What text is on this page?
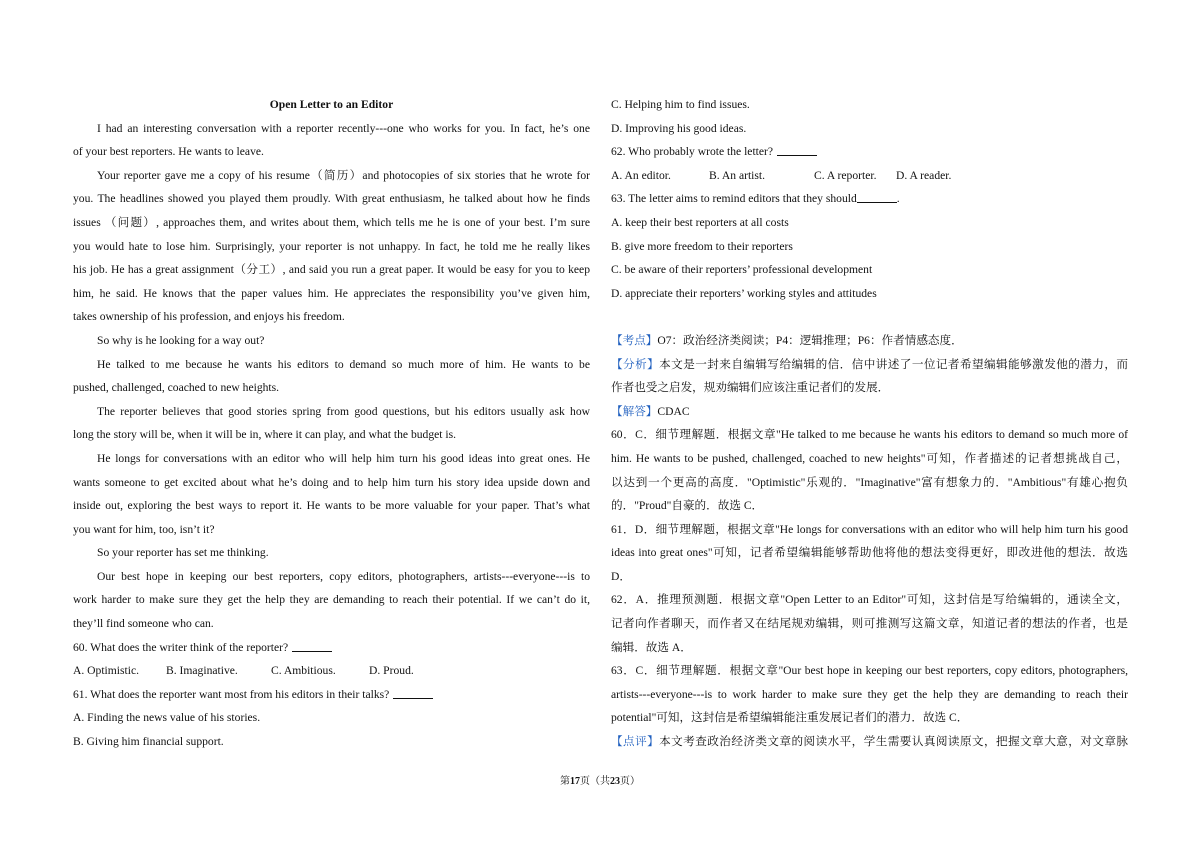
Open Letter to an Editor
I had an interesting conversation with a reporter recently---one who works for you. In fact, he’s one
of your best reporters. He wants to leave.
Your reporter gave me a copy of his resume（简历）and photocopies of six stories that he wrote for
you. The headlines showed you played them proudly. With great enthusiasm, he talked about how he finds
issues （问题）, approaches them, and writes about them, which tells me he is one of your best. I’m sure
you would hate to lose him. Surprisingly, your reporter is not unhappy. In fact, he told me he really likes
his job. He has a great assignment（分工）, and said you run a great paper. It would be easy for you to keep
him, he said. He knows that the paper values him. He appreciates the responsibility you’ve given him,
takes ownership of his profession, and enjoys his freedom.
So why is he looking for a way out?
He talked to me because he wants his editors to demand so much more of him. He wants to be
pushed, challenged, coached to new heights.
The reporter believes that good stories spring from good questions, but his editors usually ask how
long the story will be, when it will be in, where it can play, and what the budget is.
He longs for conversations with an editor who will help him turn his good ideas into great ones. He
wants someone to get excited about what he’s doing and to help him turn his story idea upside down and
inside out, exploring the best ways to report it. He wants to be more valuable for your paper. That’s what
you want for him, too, isn’t it?
So your reporter has set me thinking.
Our best hope in keeping our best reporters, copy editors, photographers, artists---everyone---is to
work harder to make sure they get the help they are demanding to reach their potential. If we can’t do it,
they’ll find someone who can.
60. What does the writer think of the reporter?
A. Optimistic.	B. Imaginative.	C. Ambitious.	D. Proud.
61. What does the reporter want most from his editors in their talks?
A. Finding the news value of his stories.
B. Giving him financial support.
C. Helping him to find issues.
D. Improving his good ideas.
62. Who probably wrote the letter?
A. An editor.	B. An artist.	C. A reporter.	D. A reader.
63. The letter aims to remind editors that they should	.
A. keep their best reporters at all costs
B. give more freedom to their reporters
C. be aware of their reporters’ professional development
D. appreciate their reporters’ working styles and attitudes
【考点】O7：政治经济类阅读；P4：逻辑推理；P6：作者情感态度．
【分析】本文是一封来自编辑写给编辑的信．信中讲述了一位记者希望编辑能够激发他的潜力，而
作者也受之启发，规劝编辑们应该注重记者们的发展．
【解答】CDAC
60．C．细节理解题．根据文章"He talked to me because he wants his editors to demand so much more of
him. He wants to be pushed, challenged, coached to new heights"可知，作者描述的记者想挑战自己，
以达到一个更高的高度．"Optimistic"乐观的．"Imaginative"富有想象力的．"Ambitious"有雄心抱负
的．"Proud"自豪的．故选 C．
61．D．细节理解题，根据文章"He longs for conversations with an editor who will help him turn his good
ideas into great ones"可知，记者希望编辑能够帮助他将他的想法变得更好，即改进他的想法．故选
D．
62．A．推理预测题．根据文章"Open Letter to an Editor"可知，这封信是写给编辑的，通读全文，
记者向作者聊天，而作者又在结尾规劝编辑，则可推测写这篇文章，知道记者的想法的作者，也是
编辑．故选 A．
63．C．细节理解题．根据文章"Our best hope in keeping our best reporters, copy editors, photographers,
artists---everyone---is to work harder to make sure they get the help they are demanding to reach their
potential"可知，这封信是希望编辑能注重发展记者们的潜力．故选 C．
【点评】本文考查政治经济类文章的阅读水平，学生需要认真阅读原文，把握文章大意，对文章脉
第17页（共23页）
